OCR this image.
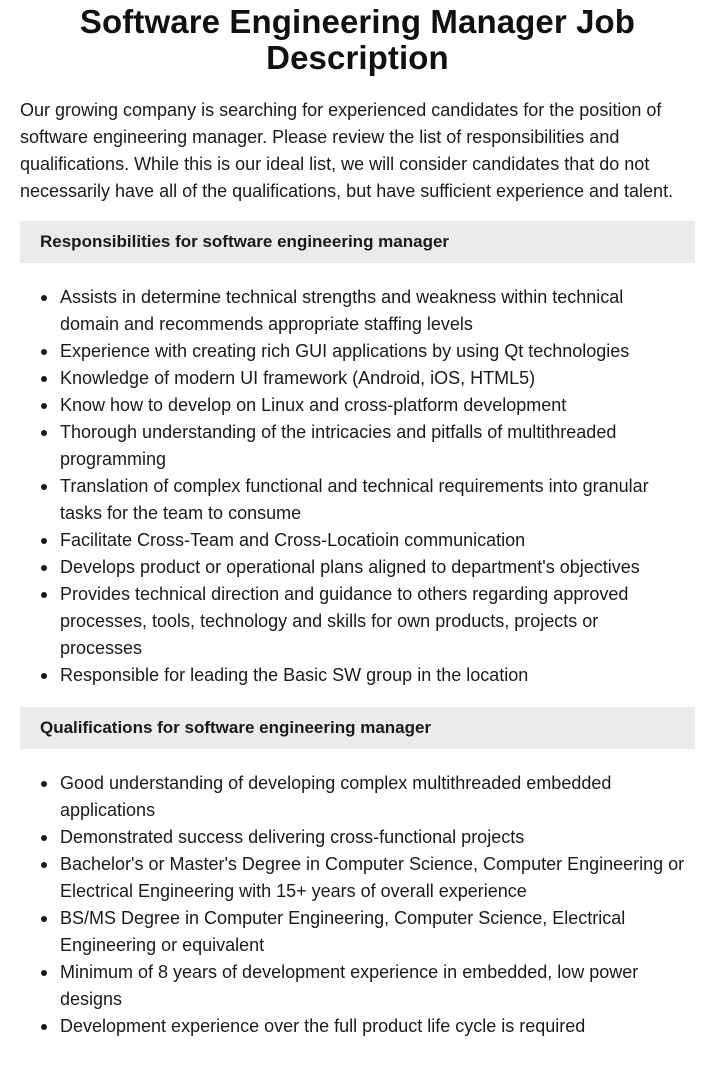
Software Engineering Manager Job Description

Our growing company is searching for experienced candidates for the position of software engineering manager. Please review the list of responsibilities and qualifications. While this is our ideal list, we will consider candidates that do not necessarily have all of the qualifications, but have sufficient experience and talent.

Responsibilities for software engineering manager
Assists in determine technical strengths and weakness within technical domain and recommends appropriate staffing levels
Experience with creating rich GUI applications by using Qt technologies
Knowledge of modern UI framework (Android, iOS, HTML5)
Know how to develop on Linux and cross-platform development
Thorough understanding of the intricacies and pitfalls of multithreaded programming
Translation of complex functional and technical requirements into granular tasks for the team to consume
Facilitate Cross-Team and Cross-Locatioin communication
Develops product or operational plans aligned to department's objectives
Provides technical direction and guidance to others regarding approved processes, tools, technology and skills for own products, projects or processes
Responsible for leading the Basic SW group in the location
Qualifications for software engineering manager
Good understanding of developing complex multithreaded embedded applications
Demonstrated success delivering cross-functional projects
Bachelor's or Master's Degree in Computer Science, Computer Engineering or Electrical Engineering with 15+ years of overall experience
BS/MS Degree in Computer Engineering, Computer Science, Electrical Engineering or equivalent
Minimum of 8 years of development experience in embedded, low power designs
Development experience over the full product life cycle is required
